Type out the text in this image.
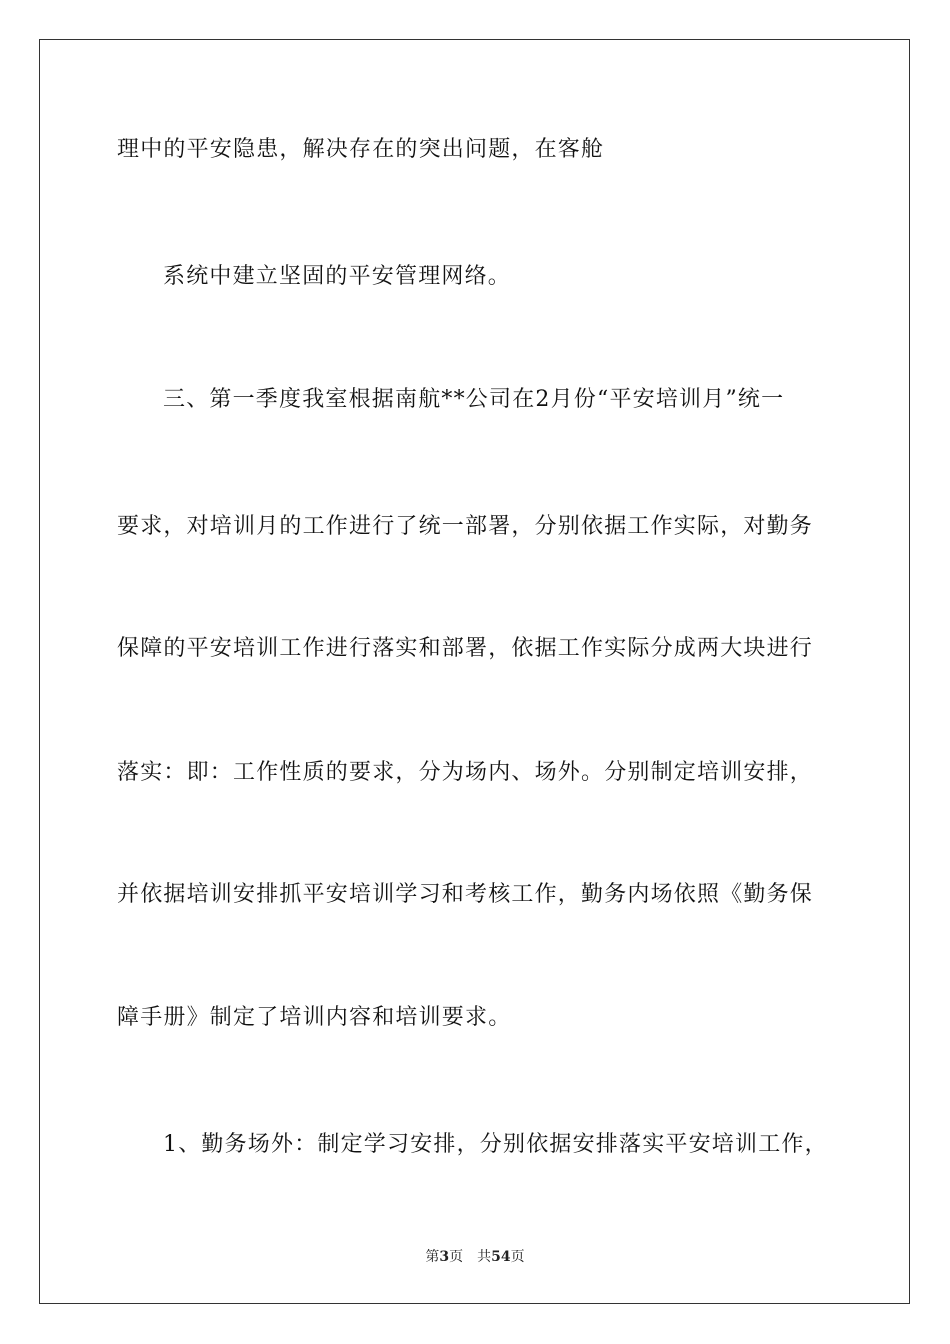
理中的平安隐患，解决存在的突出问题，在客舱
系统中建立坚固的平安管理网络。
三、第一季度我室根据南航**公司在2月份“平安培训月”统一
要求，对培训月的工作进行了统一部署，分别依据工作实际，对勤务
保障的平安培训工作进行落实和部署，依据工作实际分成两大块进行
落实：即：工作性质的要求，分为场内、场外。分别制定培训安排，
并依据培训安排抓平安培训学习和考核工作，勤务内场依照《勤务保
障手册》制定了培训内容和培训要求。
1、勤务场外：制定学习安排，分别依据安排落实平安培训工作，
第3页 共54页
